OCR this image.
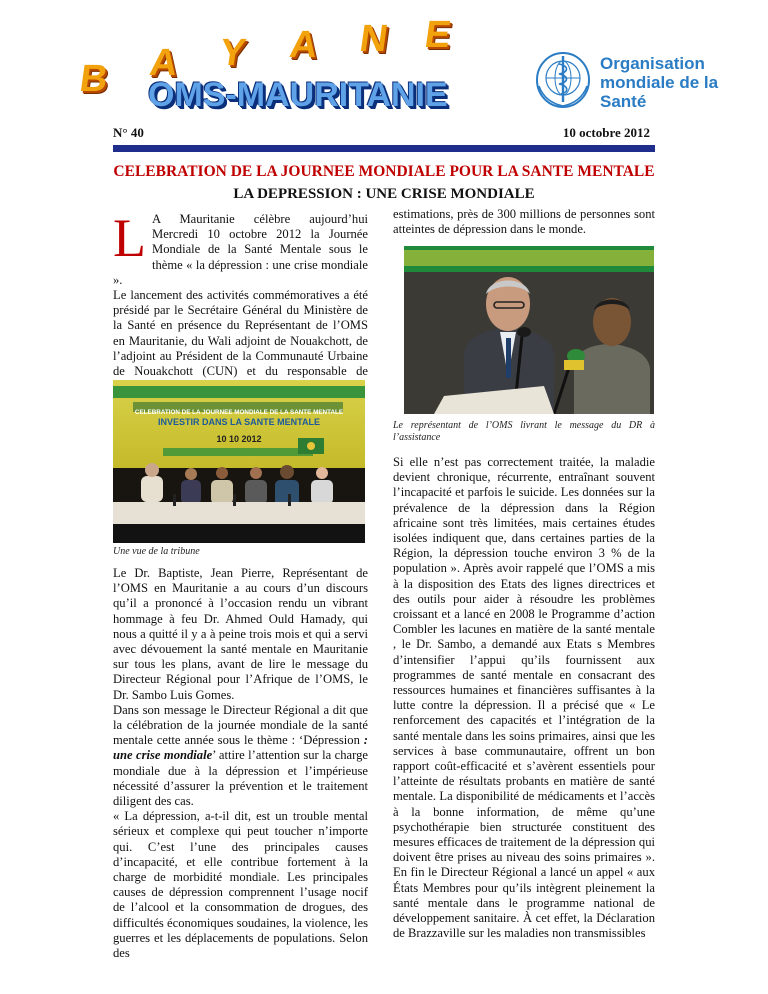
B A Y A N E
OMS-MAURITANIE
Organisation
mondiale de la Santé
N° 40	10 octobre 2012
CELEBRATION DE LA JOURNEE MONDIALE POUR LA SANTE MENTALE
LA DEPRESSION : UNE CRISE MONDIALE

L A Mauritanie célèbre aujourd’hui Mercredi 10 octobre 2012 la Journée Mondiale de la Santé Mentale sous le thème « la dépression : une crise mondiale ».

Le lancement des activités commémoratives a été présidé par le Secrétaire Général du Ministère de la Santé en présence du Représentant de l’OMS en Mauritanie, du Wali adjoint de Nouakchott, de l’adjoint au Président de la Communauté Urbaine de Nouakchott (CUN) et du responsable de

CELEBRATION DE LA JOURNEE MONDIALE DE LA SANTE MENTALE
INVESTIR DANS LA SANTE MENTALE
10 10 2012
Une vue de la tribune

Le Dr. Baptiste, Jean Pierre, Représentant de l’OMS en Mauritanie a au cours d’un discours qu’il a prononcé à l’occasion rendu un vibrant hommage à feu Dr. Ahmed Ould Hamady, qui nous a quitté il y a à peine trois mois et qui a servi avec dévouement la santé mentale en Mauritanie sur tous les plans, avant de lire le message du Directeur Régional pour l’Afrique de l’OMS, le Dr. Sambo Luis Gomes.

Dans son message le Directeur Régional a dit que la célébration de la journée mondiale de la santé mentale cette année sous le thème : ‘Dépression : une crise mondiale’ attire l’attention sur la charge mondiale due à la dépression et l’impérieuse nécessité d’assurer la prévention et le traitement diligent des cas.

« La dépression, a-t-il dit, est un trouble mental sérieux et complexe qui peut toucher n’importe qui. C’est l’une des principales causes d’incapacité, et elle contribue fortement à la charge de morbidité mondiale. Les principales causes de dépression comprennent l’usage nocif de l’alcool et la consommation de drogues, des difficultés économiques soudaines, la violence, les guerres et les déplacements de populations. Selon des

estimations, près de 300 millions de personnes sont atteintes de dépression dans le monde.

Le représentant de l’OMS livrant le message du DR à l’assistance

Si elle n’est pas correctement traitée, la maladie devient chronique, récurrente, entraînant souvent l’incapacité et parfois le suicide. Les données sur la prévalence de la dépression dans la Région africaine sont très limitées, mais certaines études isolées indiquent que, dans certaines parties de la Région, la dépression touche environ 3 % de la population ». Après avoir rappelé que l’OMS a mis à la disposition des Etats des lignes directrices et des outils pour aider à résoudre les problèmes croissant et a lancé en 2008 le Programme d’action Combler les lacunes en matière de la santé mentale , le Dr. Sambo, a demandé aux Etats s Membres d’intensifier l’appui qu’ils fournissent aux programmes de santé mentale en consacrant des ressources humaines et financières suffisantes à la lutte contre la dépression. Il a précisé que « Le renforcement des capacités et l’intégration de la santé mentale dans les soins primaires, ainsi que les services à base communautaire, offrent un bon rapport coût-efficacité et s’avèrent essentiels pour l’atteinte de résultats probants en matière de santé mentale. La disponibilité de médicaments et l’accès à la bonne information, de même qu’une psychothérapie bien structurée constituent des mesures efficaces de traitement de la dépression qui doivent être prises au niveau des soins primaires ». En fin le Directeur Régional a lancé un appel « aux États Membres pour qu’ils intègrent pleinement la santé mentale dans le programme national de développement sanitaire. À cet effet, la Déclaration de Brazzaville sur les maladies non transmissibles
